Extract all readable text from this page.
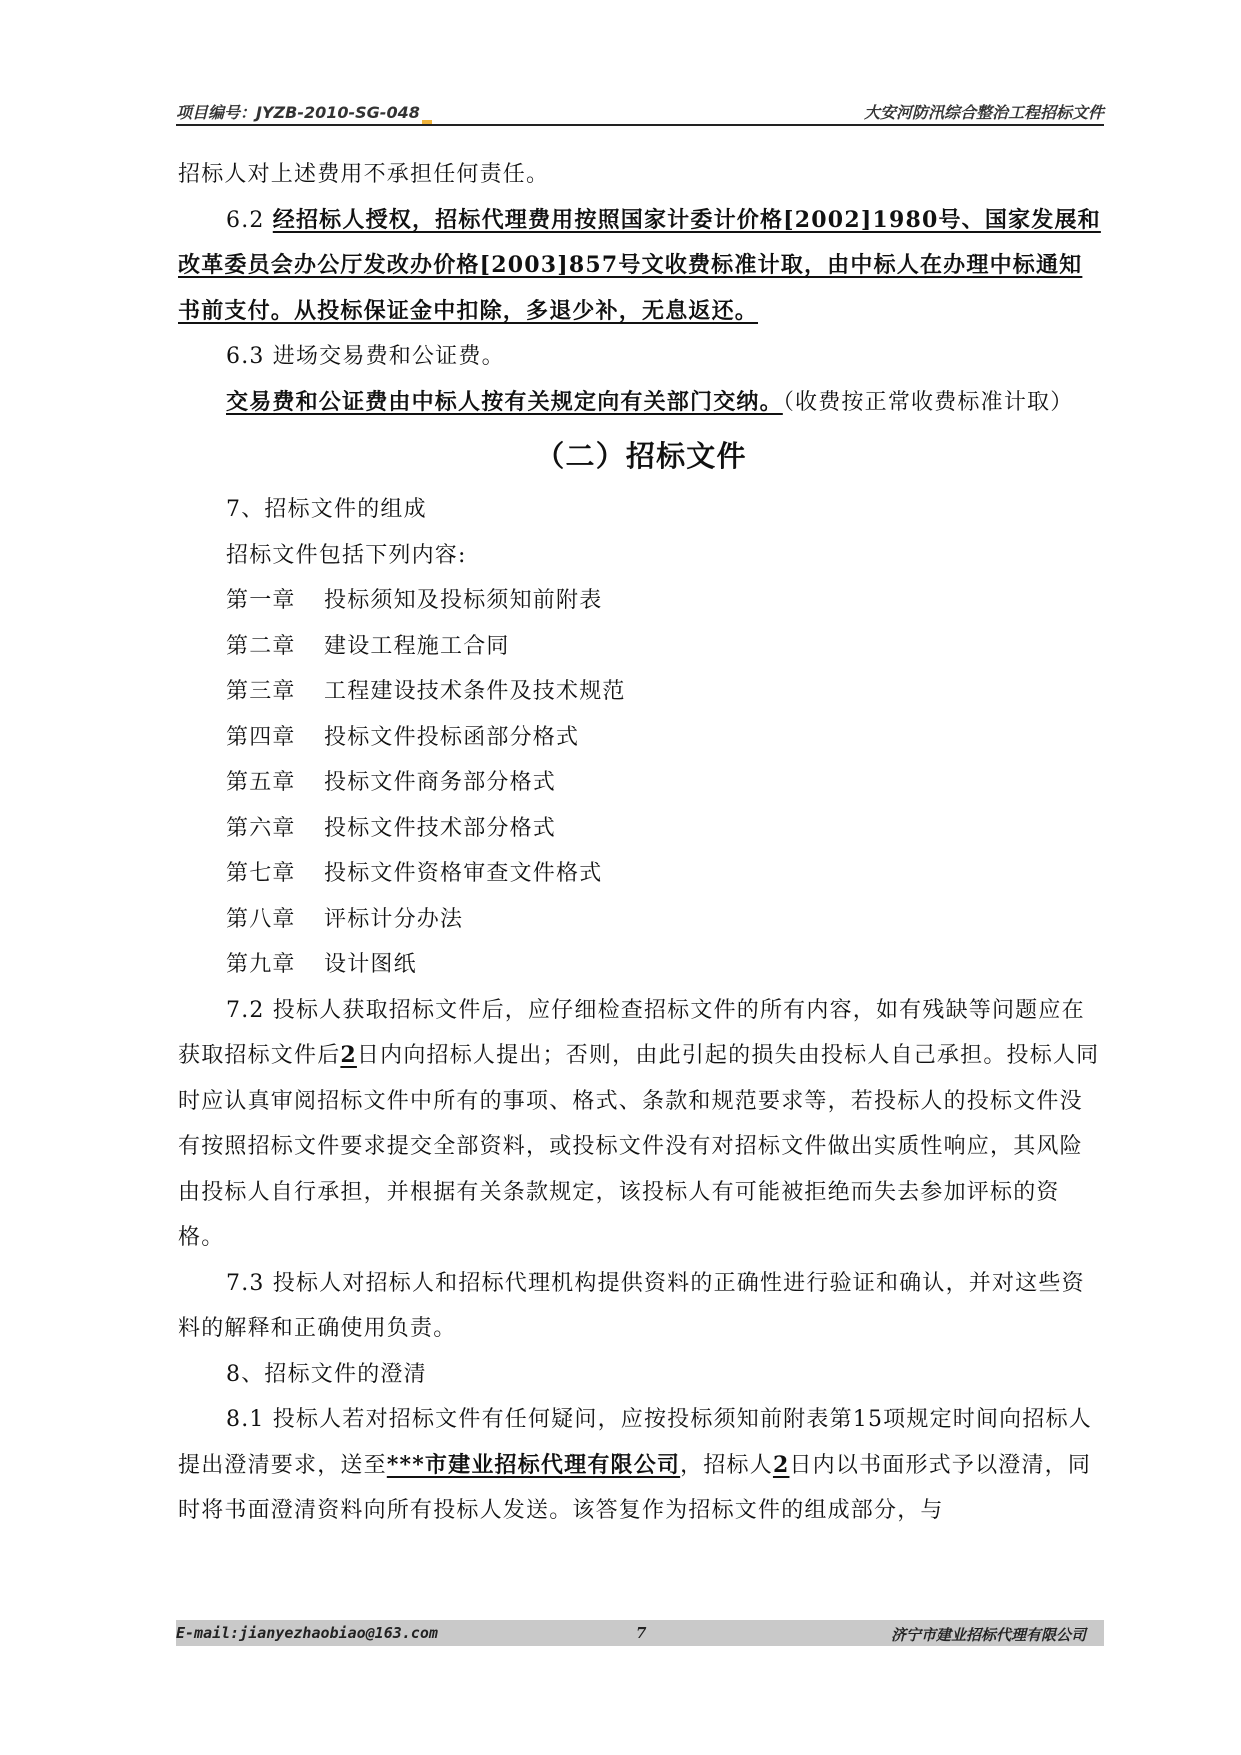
项目编号：JYZB-2010-SG-048	大安河防汛综合整治工程招标文件

招标人对上述费用不承担任何责任。

6.2 经招标人授权，招标代理费用按照国家计委计价格[2002]1980号、国家发展和改革委员会办公厅发改办价格[2003]857号文收费标准计取，由中标人在办理中标通知书前支付。从投标保证金中扣除，多退少补，无息返还。

6.3 进场交易费和公证费。

交易费和公证费由中标人按有关规定向有关部门交纳。（收费按正常收费标准计取）

（二）招标文件

7、招标文件的组成

招标文件包括下列内容:

第一章 投标须知及投标须知前附表

第二章 建设工程施工合同

第三章 工程建设技术条件及技术规范

第四章 投标文件投标函部分格式

第五章 投标文件商务部分格式

第六章 投标文件技术部分格式

第七章 投标文件资格审查文件格式

第八章 评标计分办法

第九章 设计图纸

7.2 投标人获取招标文件后，应仔细检查招标文件的所有内容，如有残缺等问题应在获取招标文件后2日内向招标人提出；否则，由此引起的损失由投标人自己承担。投标人同时应认真审阅招标文件中所有的事项、格式、条款和规范要求等，若投标人的投标文件没有按照招标文件要求提交全部资料，或投标文件没有对招标文件做出实质性响应，其风险由投标人自行承担，并根据有关条款规定，该投标人有可能被拒绝而失去参加评标的资格。

7.3 投标人对招标人和招标代理机构提供资料的正确性进行验证和确认，并对这些资料的解释和正确使用负责。

8、招标文件的澄清

8.1 投标人若对招标文件有任何疑问，应按投标须知前附表第15项规定时间向招标人提出澄清要求，送至***市建业招标代理有限公司，招标人2日内以书面形式予以澄清，同时将书面澄清资料向所有投标人发送。该答复作为招标文件的组成部分，与

E-mail:jianyezhaobiao@163.com	7	济宁市建业招标代理有限公司
